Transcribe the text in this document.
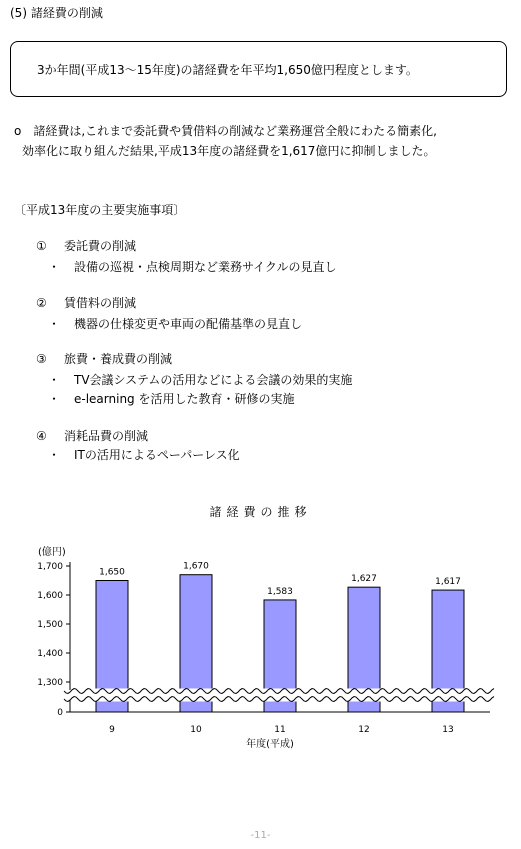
(5) 諸経費の削減
3か年間(平成13〜15年度)の諸経費を年平均1,650億円程度とします。
o　諸経費は,これまで委託費や賃借料の削減など業務運営全般にわたる簡素化,
効率化に取り組んだ結果,平成13年度の諸経費を1,617億円に抑制しました。
〔平成13年度の主要実施事項〕
① 委託費の削減
・ 設備の巡視・点検周期など業務サイクルの見直し
② 賃借料の削減
・ 機器の仕様変更や車両の配備基準の見直し
③ 旅費・養成費の削減
・ TV会議システムの活用などによる会議の効果的実施
・ e-learning を活用した教育・研修の実施
④ 消耗品費の削減
・ ITの活用によるペーパーレス化
諸経費の推移
(億円)
1,650
9
1,670
10
1,583
11
1,627
12
1,617
13
1,300
1,400
1,500
1,600
1,700
0
年度(平成)
-11-
